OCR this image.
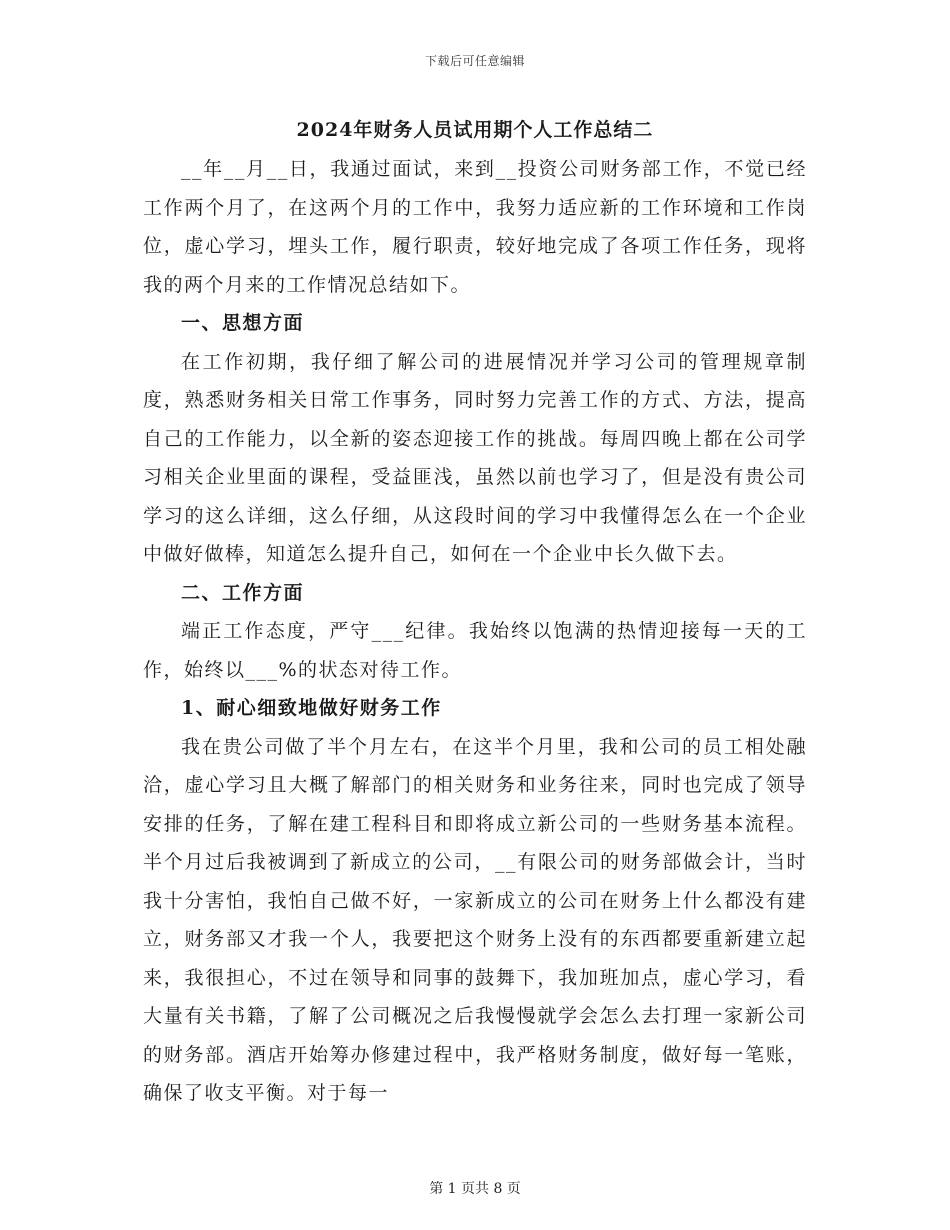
下载后可任意编辑
2024年财务人员试用期个人工作总结二

__年__月__日，我通过面试，来到__投资公司财务部工作，不觉已经工作两个月了，在这两个月的工作中，我努力适应新的工作环境和工作岗位，虚心学习，埋头工作，履行职责，较好地完成了各项工作任务，现将我的两个月来的工作情况总结如下。

一、思想方面

在工作初期，我仔细了解公司的进展情况并学习公司的管理规章制度，熟悉财务相关日常工作事务，同时努力完善工作的方式、方法，提高自己的工作能力，以全新的姿态迎接工作的挑战。每周四晚上都在公司学习相关企业里面的课程，受益匪浅，虽然以前也学习了，但是没有贵公司学习的这么详细，这么仔细，从这段时间的学习中我懂得怎么在一个企业中做好做棒，知道怎么提升自己，如何在一个企业中长久做下去。

二、工作方面

端正工作态度，严守___纪律。我始终以饱满的热情迎接每一天的工作，始终以___%的状态对待工作。

1、耐心细致地做好财务工作

我在贵公司做了半个月左右，在这半个月里，我和公司的员工相处融洽，虚心学习且大概了解部门的相关财务和业务往来，同时也完成了领导安排的任务，了解在建工程科目和即将成立新公司的一些财务基本流程。半个月过后我被调到了新成立的公司，__有限公司的财务部做会计，当时我十分害怕，我怕自己做不好，一家新成立的公司在财务上什么都没有建立，财务部又才我一个人，我要把这个财务上没有的东西都要重新建立起来，我很担心，不过在领导和同事的鼓舞下，我加班加点，虚心学习，看大量有关书籍，了解了公司概况之后我慢慢就学会怎么去打理一家新公司的财务部。酒店开始筹办修建过程中，我严格财务制度，做好每一笔账，确保了收支平衡。对于每一

第 1 页共 8 页
